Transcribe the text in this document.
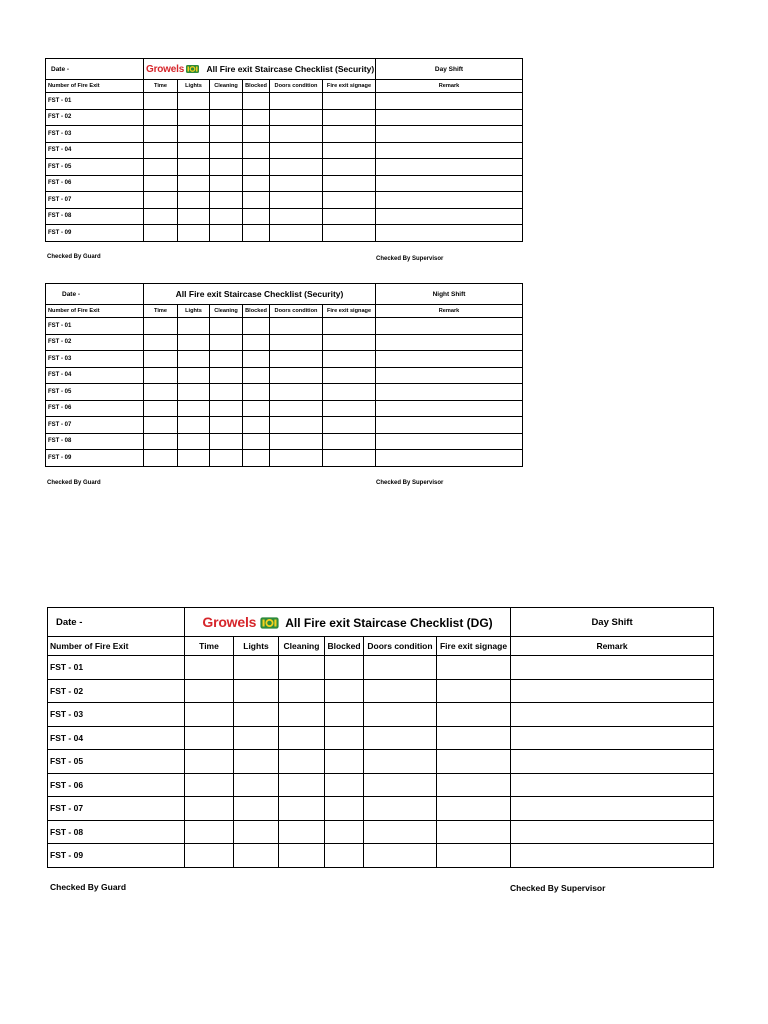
Date -	Growels All Fire exit Staircase Checklist (Security)						Day Shift
Number of Fire Exit	Time	Lights	Cleaning	Blocked	Doors condition	Fire exit signage	Remark
FST - 01							
FST - 02							
FST - 03							
FST - 04							
FST - 05							
FST - 06							
FST - 07							
FST - 08							
FST - 09							
Checked By Guard	Checked By Supervisor
Date -	All Fire exit Staircase Checklist (Security)						Night Shift
Number of Fire Exit	Time	Lights	Cleaning	Blocked	Doors condition	Fire exit signage	Remark
FST - 01							
FST - 02							
FST - 03							
FST - 04							
FST - 05							
FST - 06							
FST - 07							
FST - 08							
FST - 09							
Checked By Guard	Checked By Supervisor
Date -	Growels All Fire exit Staircase Checklist (DG)						Day Shift
Number of Fire Exit	Time	Lights	Cleaning	Blocked	Doors condition	Fire exit signage	Remark
FST - 01							
FST - 02							
FST - 03							
FST - 04							
FST - 05							
FST - 06							
FST - 07							
FST - 08							
FST - 09							
Checked By Guard	Checked By Supervisor
